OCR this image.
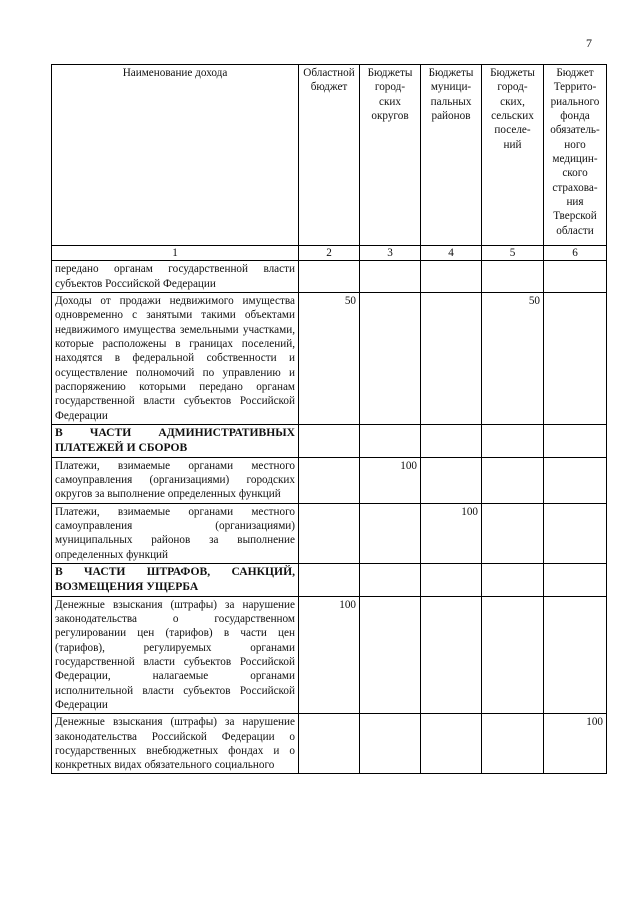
7
Наименование дохода	Областной бюджет	Бюджеты город- ских округов	Бюджеты муници- пальных районов	Бюджеты город- ских, сельских поселе- ний	Бюджет Террито- риального фонда обязатель- ного медицин- ского страхова- ния Тверской области
1	2	3	4	5	6
передано органам государственной власти субъектов Российской Федерации					
Доходы от продажи недвижимого имущества одновременно с занятыми такими объектами недвижимого имущества земельными участками, которые расположены в границах поселений, находятся в федеральной собственности и осуществление полномочий по управлению и распоряжению которыми передано органам государственной власти субъектов Российской Федерации	50			50	
В ЧАСТИ АДМИНИСТРАТИВНЫХ ПЛАТЕЖЕЙ И СБОРОВ					
Платежи, взимаемые органами местного самоуправления (организациями) городских округов за выполнение определенных функций		100			
Платежи, взимаемые органами местного самоуправления (организациями) муниципальных районов за выполнение определенных функций			100		
В ЧАСТИ ШТРАФОВ, САНКЦИЙ, ВОЗМЕЩЕНИЯ УЩЕРБА					
Денежные взыскания (штрафы) за нарушение законодательства о государственном регулировании цен (тарифов) в части цен (тарифов), регулируемых органами государственной власти субъектов Российской Федерации, налагаемые органами исполнительной власти субъектов Российской Федерации	100				
Денежные взыскания (штрафы) за нарушение законодательства Российской Федерации о государственных внебюджетных фондах и о конкретных видах обязательного социального					100
